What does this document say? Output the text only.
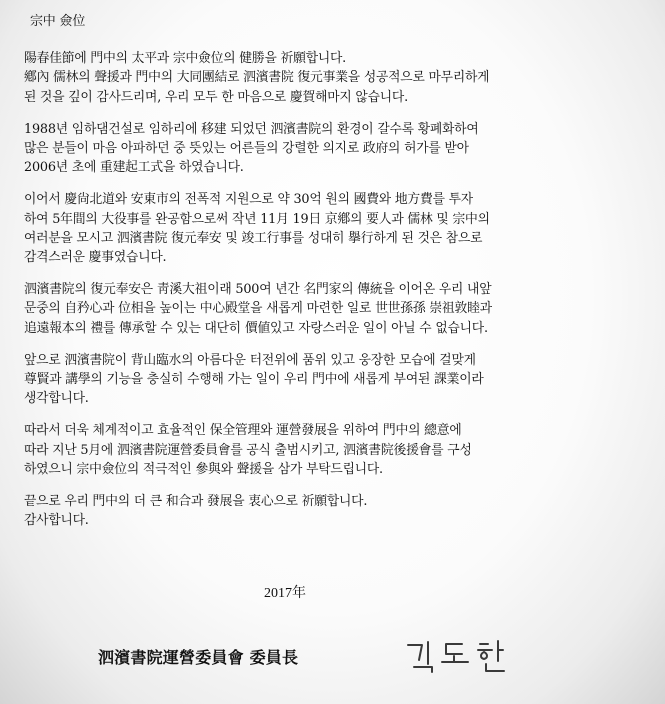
宗中 僉位
陽春佳節에 門中의 太平과 宗中僉位의 健勝을 祈願합니다.
鄕內 儒林의 聲援과 門中의 大同團結로 泗濱書院 復元事業을 성공적으로 마무리하게
된 것을 깊이 감사드리며, 우리 모두 한 마음으로 慶賀해마지 않습니다.
1988년 임하댐건설로 임하리에 移建 되었던 泗濱書院의 환경이 갈수록 황폐화하여
많은 분들이 마음 아파하던 중 뜻있는 어른들의 강렬한 의지로 政府의 허가를 받아
2006년 초에 重建起工式을 하였습니다.
이어서 慶尙北道와 安東市의 전폭적 지원으로 약 30억 원의 國費와 地方費를 투자
하여 5年間의 大役事를 완공함으로써 작년 11月 19日 京鄕의 要人과 儒林 및 宗中의
여러분을 모시고 泗濱書院 復元奉安 및 竣工行事를 성대히 擧行하게 된 것은 참으로
감격스러운 慶事였습니다.
泗濱書院의 復元奉安은 靑溪大祖이래 500여 년간 名門家의 傳統을 이어온 우리 내앞
문중의 自矜心과 位相을 높이는 中心殿堂을 새롭게 마련한 일로 世世孫孫 崇祖敦睦과
追遠報本의 禮를 傳承할 수 있는 대단히 價値있고 자랑스러운 일이 아닐 수 없습니다.
앞으로 泗濱書院이 背山臨水의 아름다운 터전위에 품위 있고 웅장한 모습에 걸맞게
尊賢과 講學의 기능을 충실히 수행해 가는 일이 우리 門中에 새롭게 부여된 課業이라
생각합니다.
따라서 더욱 체계적이고 효율적인 保全管理와 運營發展을 위하여 門中의 總意에
따라 지난 5月에 泗濱書院運營委員會를 공식 출범시키고, 泗濱書院後援會를 구성
하였으니 宗中僉位의 적극적인 參與와 聲援을 삼가 부탁드립니다.
끝으로 우리 門中의 더 큰 和合과 發展을 衷心으로 祈願합니다.
감사합니다.
2017年
泗濱書院運營委員會 委員長
